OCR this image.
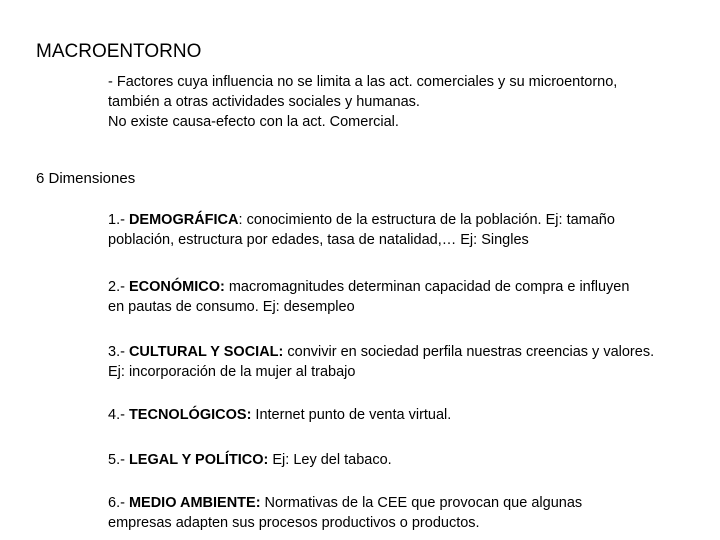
MACROENTORNO

- Factores cuya influencia no se limita a las act. comerciales y su microentorno,

también a otras actividades sociales y humanas.

No existe causa-efecto con la act. Comercial.

6 Dimensiones

1.- DEMOGRÁFICA: conocimiento de la estructura de la población. Ej: tamaño

población, estructura por edades, tasa de natalidad,… Ej: Singles

2.- ECONÓMICO: macromagnitudes determinan capacidad de compra e influyen

en pautas de consumo. Ej: desempleo

3.- CULTURAL Y SOCIAL: convivir en sociedad perfila nuestras creencias y valores.

Ej: incorporación de la mujer al trabajo

4.- TECNOLÓGICOS: Internet punto de venta virtual.

5.- LEGAL Y POLÍTICO: Ej: Ley del tabaco.

6.- MEDIO AMBIENTE: Normativas de la CEE que provocan que algunas

empresas adapten sus procesos productivos o productos.
